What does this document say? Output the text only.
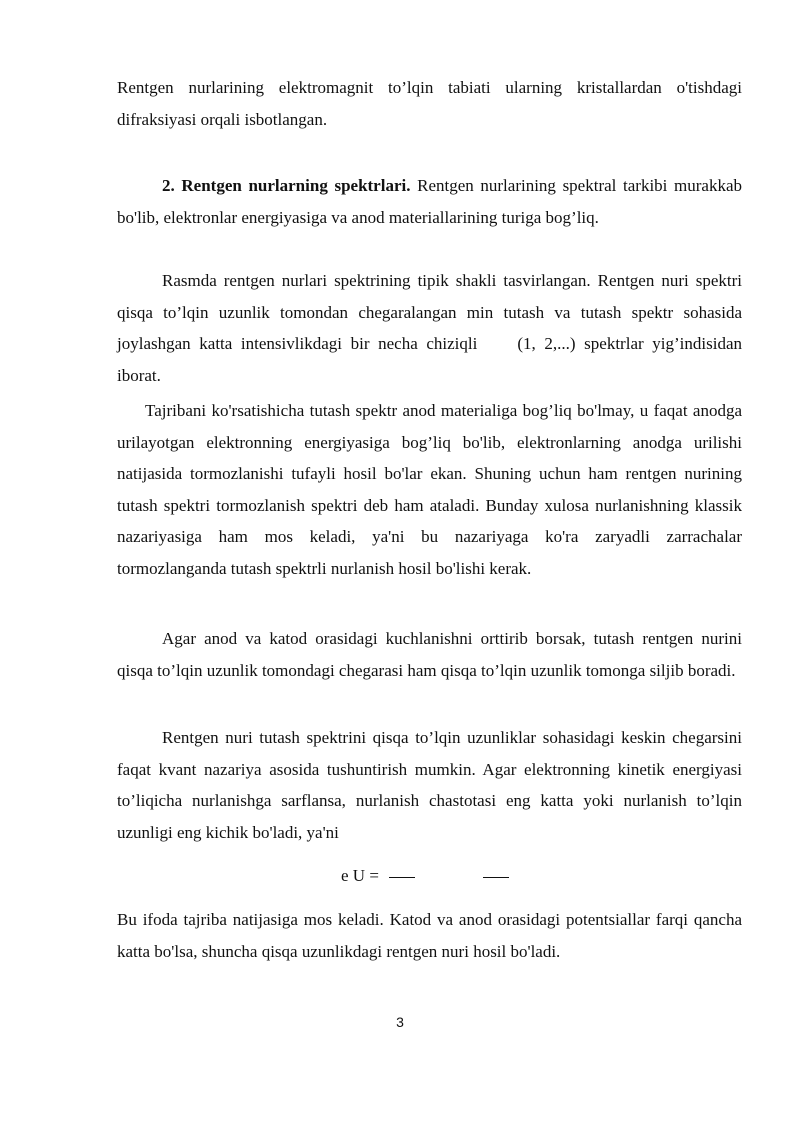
Rentgen nurlarining elektromagnit to’lqin tabiati ularning kristallardan o'tishdagi difraksiyasi orqali isbotlangan.

2. Rentgen nurlarning spektrlari. Rentgen nurlarining spektral tarkibi murakkab bo'lib, elektronlar energiyasiga va anod materiallarining turiga bog’liq.

Rasmda rentgen nurlari spektrining tipik shakli tasvirlangan. Rentgen nuri spektri qisqa to’lqin uzunlik tomondan chegaralangan min tutash va tutash spektr sohasida joylashgan katta intensivlikdagi bir necha chiziqli (1, 2,...) spektrlar yig’indisidan iborat.

Tajribani ko'rsatishicha tutash spektr anod materialiga bog’liq bo'lmay, u faqat anodga urilayotgan elektronning energiyasiga bog’liq bo'lib, elektronlarning anodga urilishi natijasida tormozlanishi tufayli hosil bo'lar ekan. Shuning uchun ham rentgen nurining tutash spektri tormozlanish spektri deb ham ataladi. Bunday xulosa nurlanishning klassik nazariyasiga ham mos keladi, ya'ni bu nazariyaga ko'ra zaryadli zarrachalar tormozlanganda tutash spektrli nurlanish hosil bo'lishi kerak.

Agar anod va katod orasidagi kuchlanishni orttirib borsak, tutash rentgen nurini qisqa to’lqin uzunlik tomondagi chegarasi ham qisqa to’lqin uzunlik tomonga siljib boradi.

Rentgen nuri tutash spektrini qisqa to’lqin uzunliklar sohasidagi keskin chegarsini faqat kvant nazariya asosida tushuntirish mumkin. Agar elektronning kinetik energiyasi to’liqicha nurlanishga sarflansa, nurlanish chastotasi eng katta yoki nurlanish to’lqin uzunligi eng kichik bo'ladi, ya'ni

e U =

Bu ifoda tajriba natijasiga mos keladi. Katod va anod orasidagi potentsiallar farqi qancha katta bo'lsa, shuncha qisqa uzunlikdagi rentgen nuri hosil bo'ladi.

3
